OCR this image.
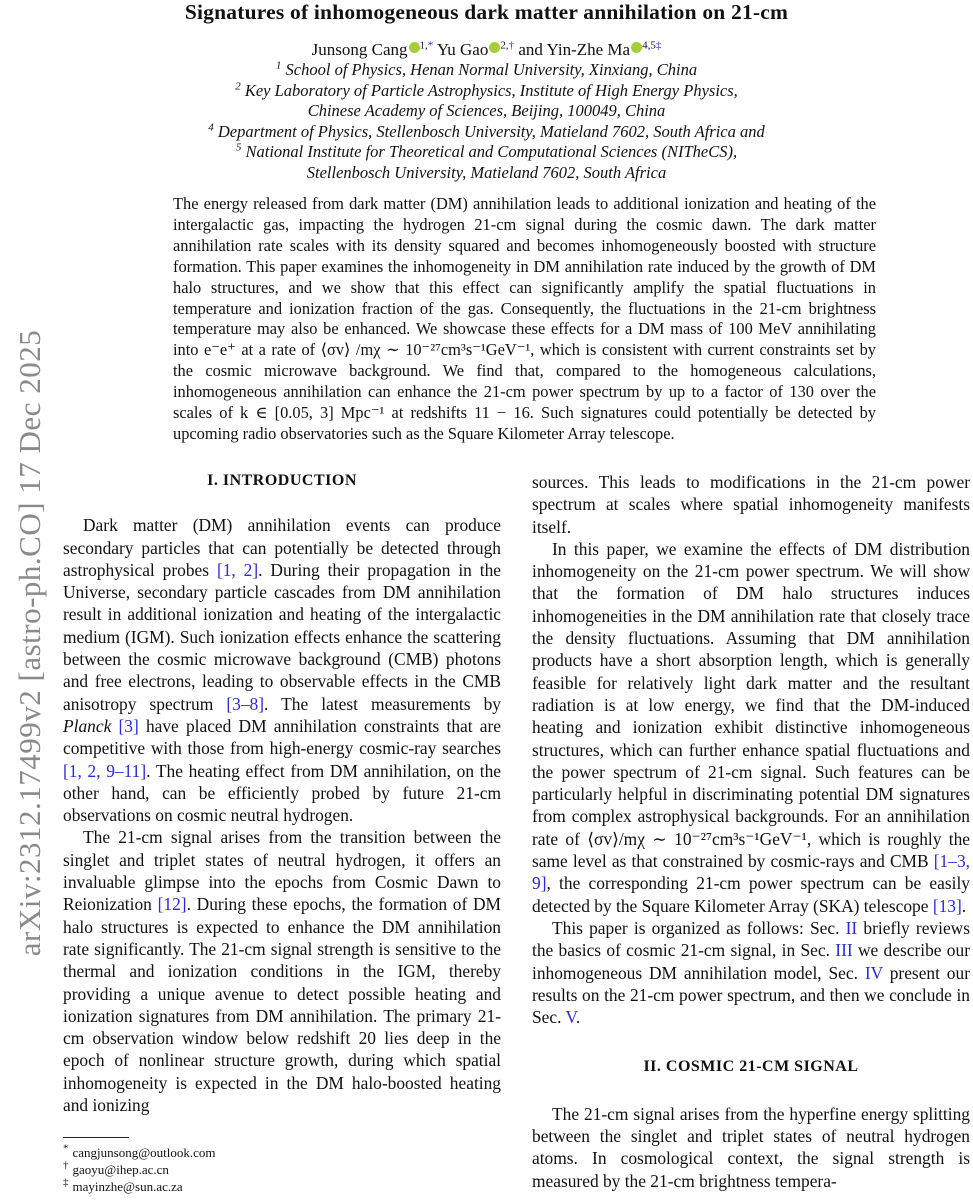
arXiv:2312.17499v2 [astro-ph.CO] 17 Dec 2025
Signatures of inhomogeneous dark matter annihilation on 21-cm
Junsong Cang $^{1,*}$ Yu Gao $^{2,\dagger}$ and Yin-Zhe Ma $^{4,5\ddagger}$
$^1$ School of Physics, Henan Normal University, Xinxiang, China
$^2$ Key Laboratory of Particle Astrophysics, Institute of High Energy Physics,
Chinese Academy of Sciences, Beijing, 100049, China
$^4$ Department of Physics, Stellenbosch University, Matieland 7602, South Africa and
$^5$ National Institute for Theoretical and Computational Sciences (NITheCS),
Stellenbosch University, Matieland 7602, South Africa
The energy released from dark matter (DM) annihilation leads to additional ionization and heating of the intergalactic gas, impacting the hydrogen 21-cm signal during the cosmic dawn. The dark matter annihilation rate scales with its density squared and becomes inhomogeneously boosted with structure formation. This paper examines the inhomogeneity in DM annihilation rate induced by the growth of DM halo structures, and we show that this effect can significantly amplify the spatial fluctuations in temperature and ionization fraction of the gas. Consequently, the fluctuations in the 21-cm brightness temperature may also be enhanced. We showcase these effects for a DM mass of 100 MeV annihilating into e⁻e⁺ at a rate of ⟨σv⟩ /mχ ∼ 10⁻²⁷cm³s⁻¹GeV⁻¹, which is consistent with current constraints set by the cosmic microwave background. We find that, compared to the homogeneous calculations, inhomogeneous annihilation can enhance the 21-cm power spectrum by up to a factor of 130 over the scales of k ∈ [0.05, 3] Mpc⁻¹ at redshifts 11 − 16. Such signatures could potentially be detected by upcoming radio observatories such as the Square Kilometer Array telescope.
I. INTRODUCTION

Dark matter (DM) annihilation events can produce secondary particles that can potentially be detected through astrophysical probes [1, 2]. During their propagation in the Universe, secondary particle cascades from DM annihilation result in additional ionization and heating of the intergalactic medium (IGM). Such ionization effects enhance the scattering between the cosmic microwave background (CMB) photons and free electrons, leading to observable effects in the CMB anisotropy spectrum [3–8]. The latest measurements by Planck [3] have placed DM annihilation constraints that are competitive with those from high-energy cosmic-ray searches [1, 2, 9–11]. The heating effect from DM annihilation, on the other hand, can be efficiently probed by future 21-cm observations on cosmic neutral hydrogen.

The 21-cm signal arises from the transition between the singlet and triplet states of neutral hydrogen, it offers an invaluable glimpse into the epochs from Cosmic Dawn to Reionization [12]. During these epochs, the formation of DM halo structures is expected to enhance the DM annihilation rate significantly. The 21-cm signal strength is sensitive to the thermal and ionization conditions in the IGM, thereby providing a unique avenue to detect possible heating and ionization signatures from DM annihilation. The primary 21-cm observation window below redshift 20 lies deep in the epoch of nonlinear structure growth, during which spatial inhomogeneity is expected in the DM halo-boosted heating and ionizing

* cangjunsong@outlook.com
† gaoyu@ihep.ac.cn
‡ mayinzhe@sun.ac.za

sources. This leads to modifications in the 21-cm power spectrum at scales where spatial inhomogeneity manifests itself.

In this paper, we examine the effects of DM distribution inhomogeneity on the 21-cm power spectrum. We will show that the formation of DM halo structures induces inhomogeneities in the DM annihilation rate that closely trace the density fluctuations. Assuming that DM annihilation products have a short absorption length, which is generally feasible for relatively light dark matter and the resultant radiation is at low energy, we find that the DM-induced heating and ionization exhibit distinctive inhomogeneous structures, which can further enhance spatial fluctuations and the power spectrum of 21-cm signal. Such features can be particularly helpful in discriminating potential DM signatures from complex astrophysical backgrounds. For an annihilation rate of ⟨σv⟩/mχ ∼ 10⁻²⁷cm³s⁻¹GeV⁻¹, which is roughly the same level as that constrained by cosmic-rays and CMB [1–3, 9], the corresponding 21-cm power spectrum can be easily detected by the Square Kilometer Array (SKA) telescope [13].

This paper is organized as follows: Sec. II briefly reviews the basics of cosmic 21-cm signal, in Sec. III we describe our inhomogeneous DM annihilation model, Sec. IV present our results on the 21-cm power spectrum, and then we conclude in Sec. V.

II. COSMIC 21-CM SIGNAL

The 21-cm signal arises from the hyperfine energy splitting between the singlet and triplet states of neutral hydrogen atoms. In cosmological context, the signal strength is measured by the 21-cm brightness tempera-
